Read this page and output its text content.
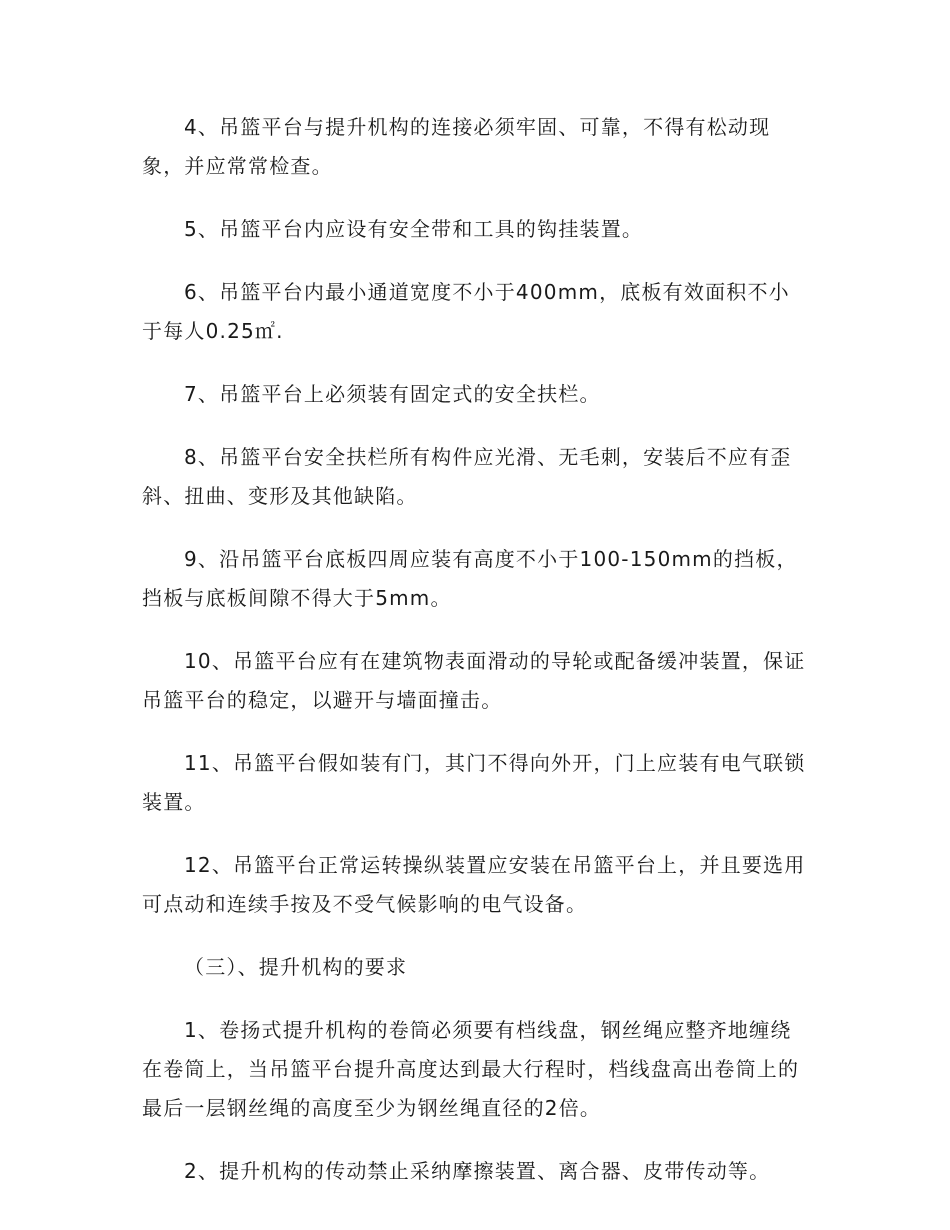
4、吊篮平台与提升机构的连接必须牢固、可靠，不得有松动现象，并应常常检查。

5、吊篮平台内应设有安全带和工具的钩挂装置。

6、吊篮平台内最小通道宽度不小于400mm，底板有效面积不小于每人0.25㎡.

7、吊篮平台上必须装有固定式的安全扶栏。

8、吊篮平台安全扶栏所有构件应光滑、无毛刺，安装后不应有歪斜、扭曲、变形及其他缺陷。

9、沿吊篮平台底板四周应装有高度不小于100-150mm的挡板，挡板与底板间隙不得大于5mm。

10、吊篮平台应有在建筑物表面滑动的导轮或配备缓冲装置，保证吊篮平台的稳定，以避开与墙面撞击。

11、吊篮平台假如装有门，其门不得向外开，门上应装有电气联锁装置。

12、吊篮平台正常运转操纵装置应安装在吊篮平台上，并且要选用可点动和连续手按及不受气候影响的电气设备。

（三）、提升机构的要求

1、卷扬式提升机构的卷筒必须要有档线盘，钢丝绳应整齐地缠绕在卷筒上，当吊篮平台提升高度达到最大行程时，档线盘高出卷筒上的最后一层钢丝绳的高度至少为钢丝绳直径的2倍。

2、提升机构的传动禁止采纳摩擦装置、离合器、皮带传动等。
